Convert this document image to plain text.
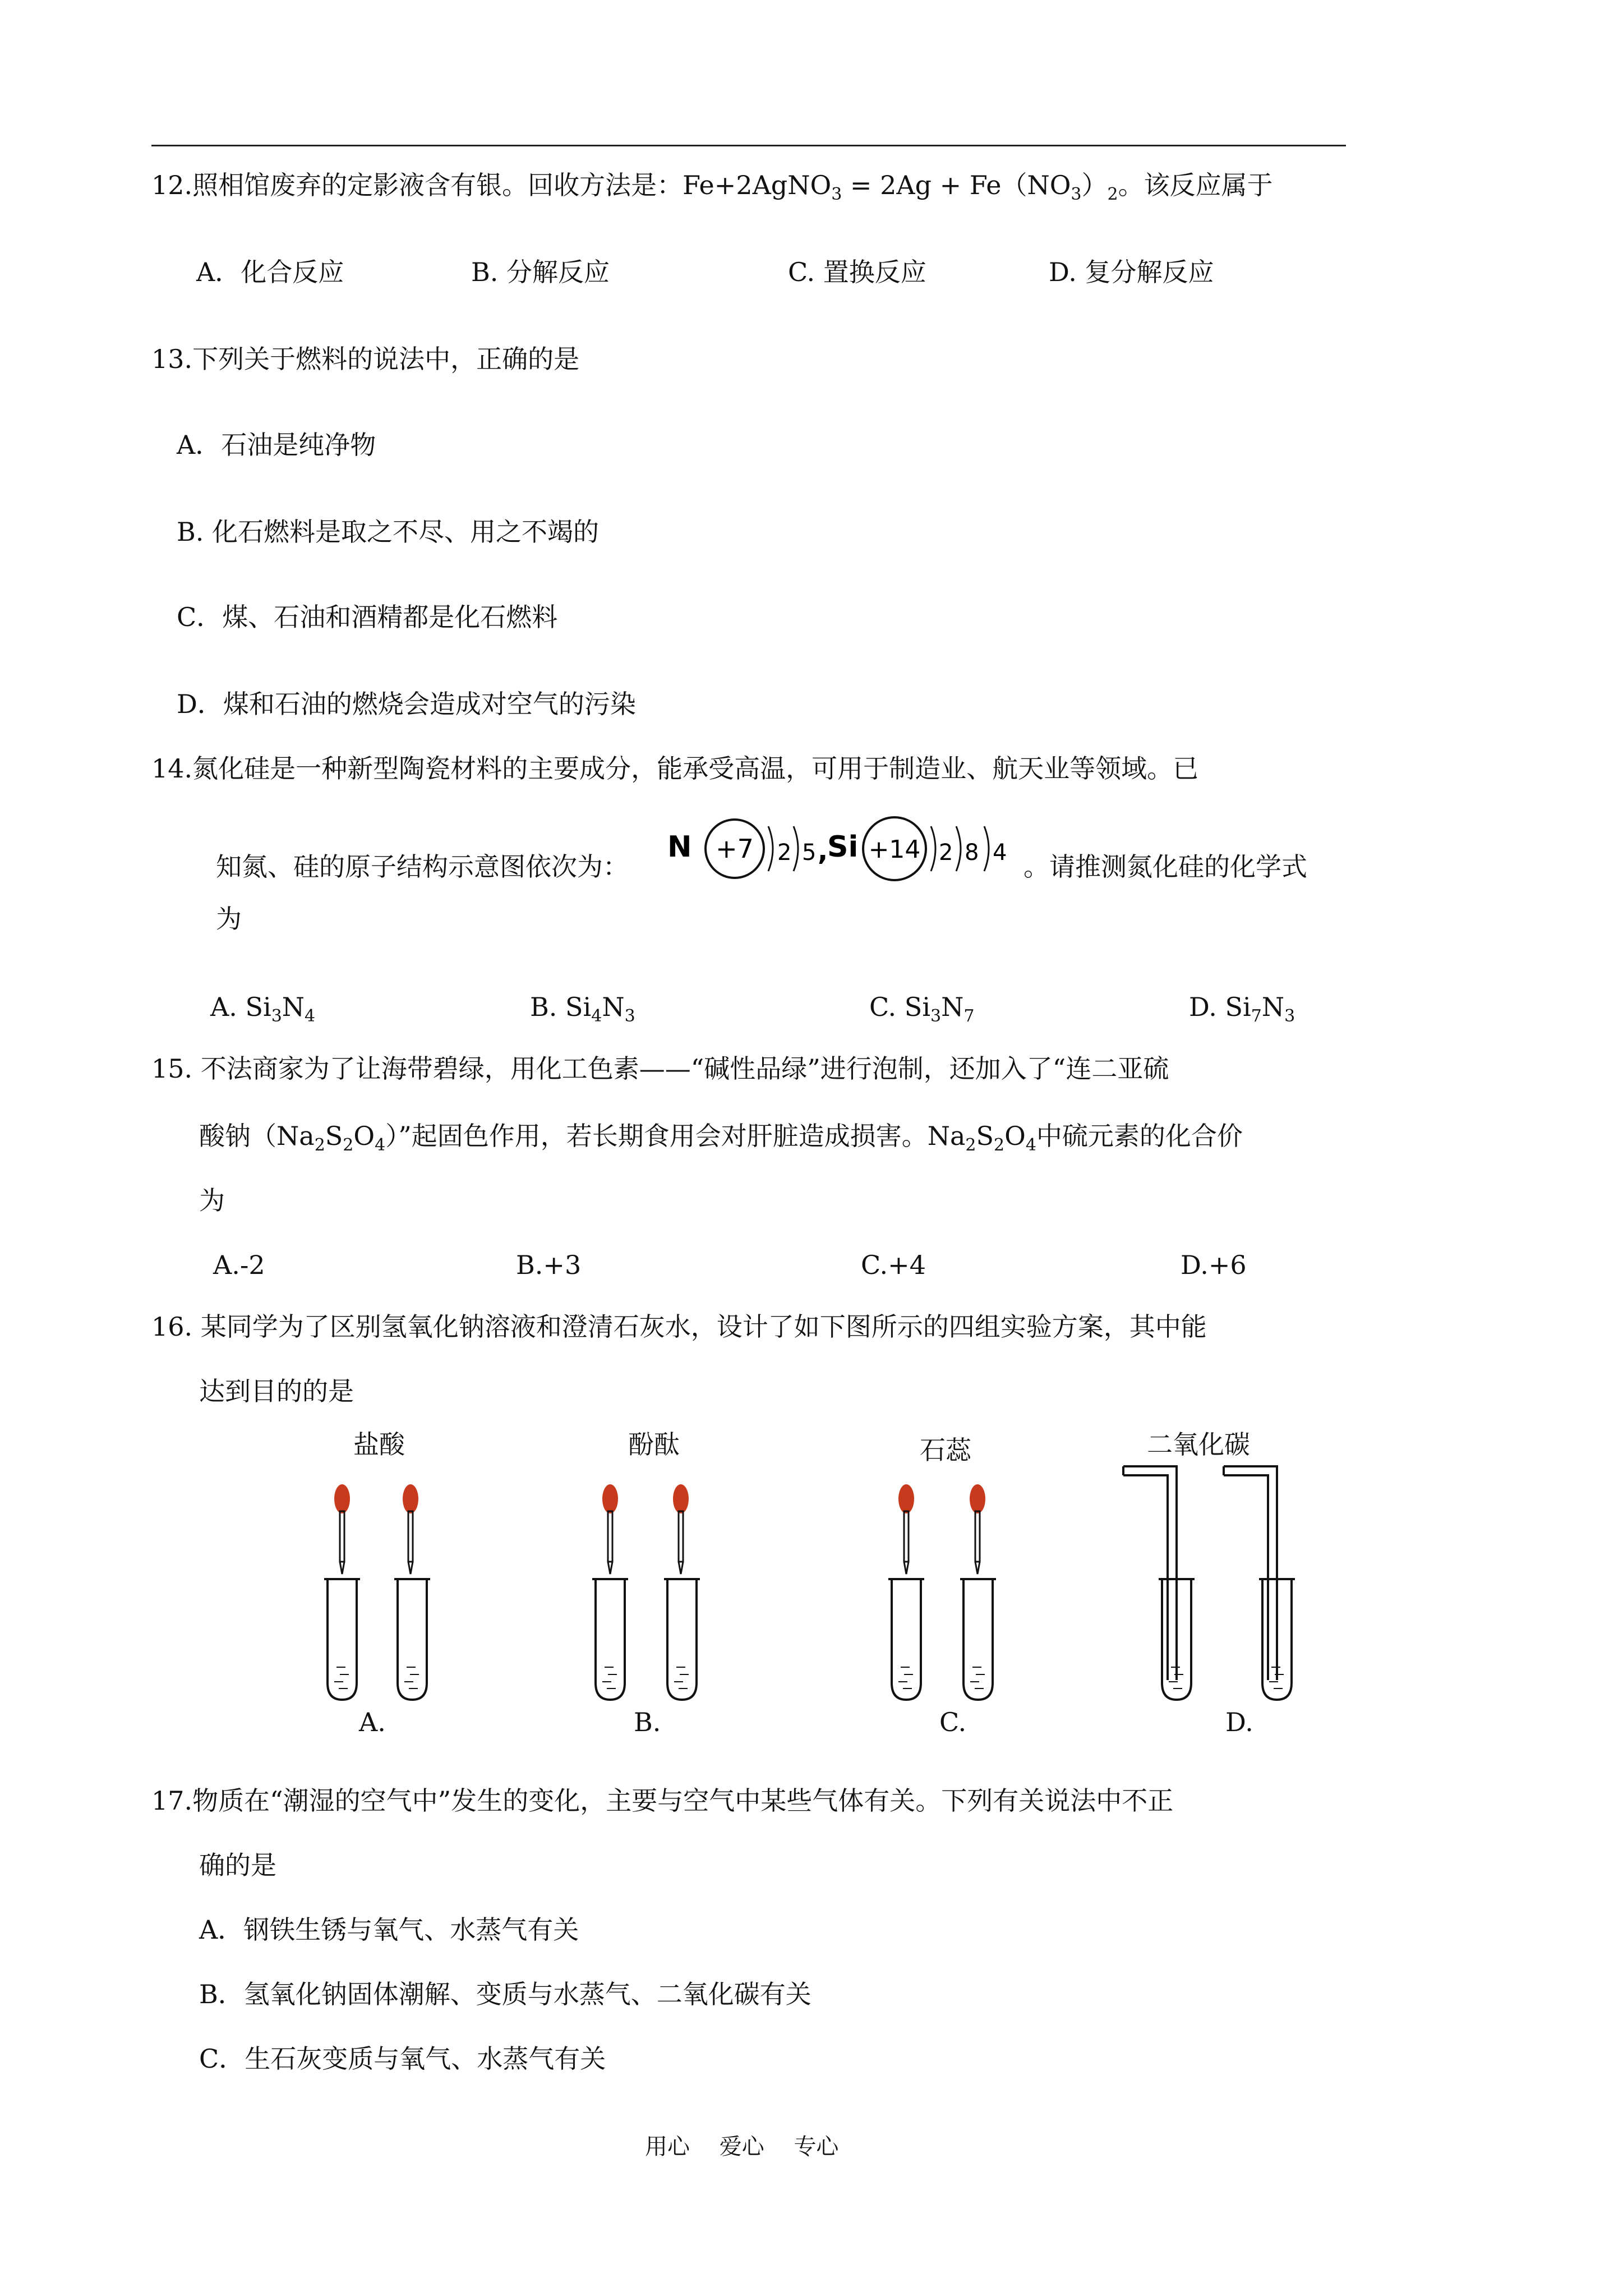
12.照相馆废弃的定影液含有银。回收方法是：Fe+2AgNO$_3$ = $2Ag + Fe(NO_3)_2$。该反应属于
A．化合反应	B. 分解反应	C. 置换反应	D. 复分解反应
13.下列关于燃料的说法中，正确的是
A．石油是纯净物
B. 化石燃料是取之不尽、用之不竭的
C．煤、石油和酒精都是化石燃料
D．煤和石油的燃烧会造成对空气的污染
14.氮化硅是一种新型陶瓷材料的主要成分，能承受高温，可用于制造业、航天业等领域。已
知氮、硅的原子结构示意图依次为：
N +7 2 5 ,
Si +14 2 8 4 。请推测氮化硅的化学式
为
A. $Si_3N_4$	B. $Si_4N_3$	C. $Si_3N_7$	D. $Si_7N_3$
15. 不法商家为了让海带碧绿，用化工色素——“碱性品绿”进行泡制，还加入了“连二亚硫
酸钠$(Na_2S_2O_4)$”起固色作用，若长期食用会对肝脏造成损害。$Na_2S_2O_4$中硫元素的化合价
为
A.-2	B.+3	C.+4	D.+6
16. 某同学为了区别氢氧化钠溶液和澄清石灰水，设计了如下图所示的四组实验方案，其中能
达到目的的是
盐酸	酚酞	石蕊	二氧化碳
A.	B.	C.	D.
17.物质在“潮湿的空气中”发生的变化，主要与空气中某些气体有关。下列有关说法中不正
确的是
A．钢铁生锈与氧气、水蒸气有关
B．氢氧化钠固体潮解、变质与水蒸气、二氧化碳有关
C．生石灰变质与氧气、水蒸气有关
用心 爱心 专心
